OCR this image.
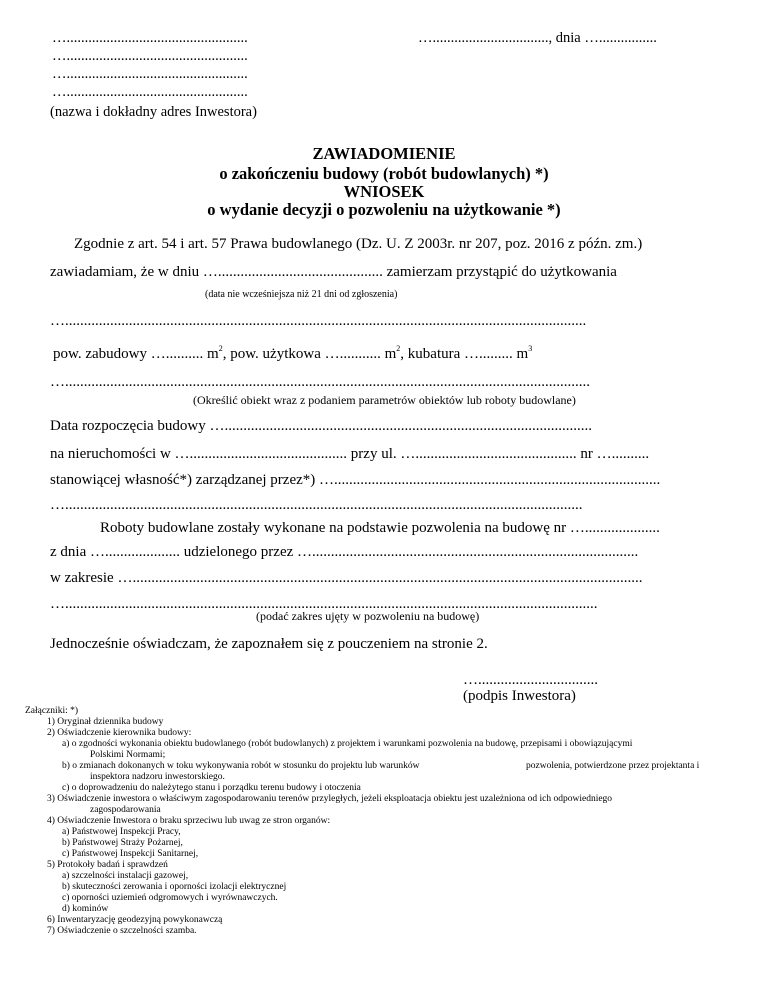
…..................................................
…..................................................
…..................................................
…..................................................
(nazwa i dokładny adres Inwestora)
…................................, dnia …................
ZAWIADOMIENIE
o zakończeniu budowy (robót budowlanych) *)
WNIOSEK
o wydanie decyzji o pozwoleniu na użytkowanie *)
Zgodnie z art. 54 i art. 57 Prawa budowlanego (Dz. U. Z 2003r. nr 207, poz. 2016 z późn. zm.)
zawiadamiam, że w dniu …............................................ zamierzam przystąpić do użytkowania
(data nie wcześniejsza niż 21 dni od zgłoszenia)
…...........................................................................................................................................
pow. zabudowy ….......... $m^2$, pow. użytkowa …........... $m^2$, kubatura …......... $m^3$
…............................................................................................................................................
(Określić obiekt wraz z podaniem parametrów obiektów lub roboty budowlane)
Data rozpoczęcia budowy …..................................................................................................
na nieruchomości w ….......................................... przy ul. …........................................... nr …..........
stanowiącej własność*) zarządzanej przez*) ….......................................................................................
…..........................................................................................................................................
Roboty budowlane zostały wykonane na podstawie pozwolenia na budowę nr …....................
z dnia ….................... udzielonego przez ….......................................................................................
w zakresie …........................................................................................................................................
…..............................................................................................................................................
(podać zakres ujęty w pozwoleniu na budowę)
Jednocześnie oświadczam, że zapoznałem się z pouczeniem na stronie 2.
…................................
(podpis Inwestora)
Załączniki: *)
1) Oryginał dziennika budowy
2) Oświadczenie kierownika budowy:
a) o zgodności wykonania obiektu budowlanego (robót budowlanych) z projektem i warunkami pozwolenia na budowę, przepisami i obowiązującymi
Polskimi Normami;
b) o zmianach dokonanych w toku wykonywania robót w stosunku do projektu lub warunków	pozwolenia, potwierdzone przez projektanta i
inspektora nadzoru inwestorskiego.
c) o doprowadzeniu do należytego stanu i porządku terenu budowy i otoczenia
3) Oświadczenie inwestora o właściwym zagospodarowaniu terenów przyległych, jeżeli eksploatacja obiektu jest uzależniona od ich odpowiedniego
zagospodarowania
4) Oświadczenie Inwestora o braku sprzeciwu lub uwag ze stron organów:
a) Państwowej Inspekcji Pracy,
b) Państwowej Straży Pożarnej,
c) Państwowej Inspekcji Sanitarnej,
5) Protokoły badań i sprawdzeń
a) szczelności instalacji gazowej,
b) skuteczności zerowania i oporności izolacji elektrycznej
c) oporności uziemień odgromowych i wyrównawczych.
d) kominów
6) Inwentaryzację geodezyjną powykonawczą
7) Oświadczenie o szczelności szamba.
